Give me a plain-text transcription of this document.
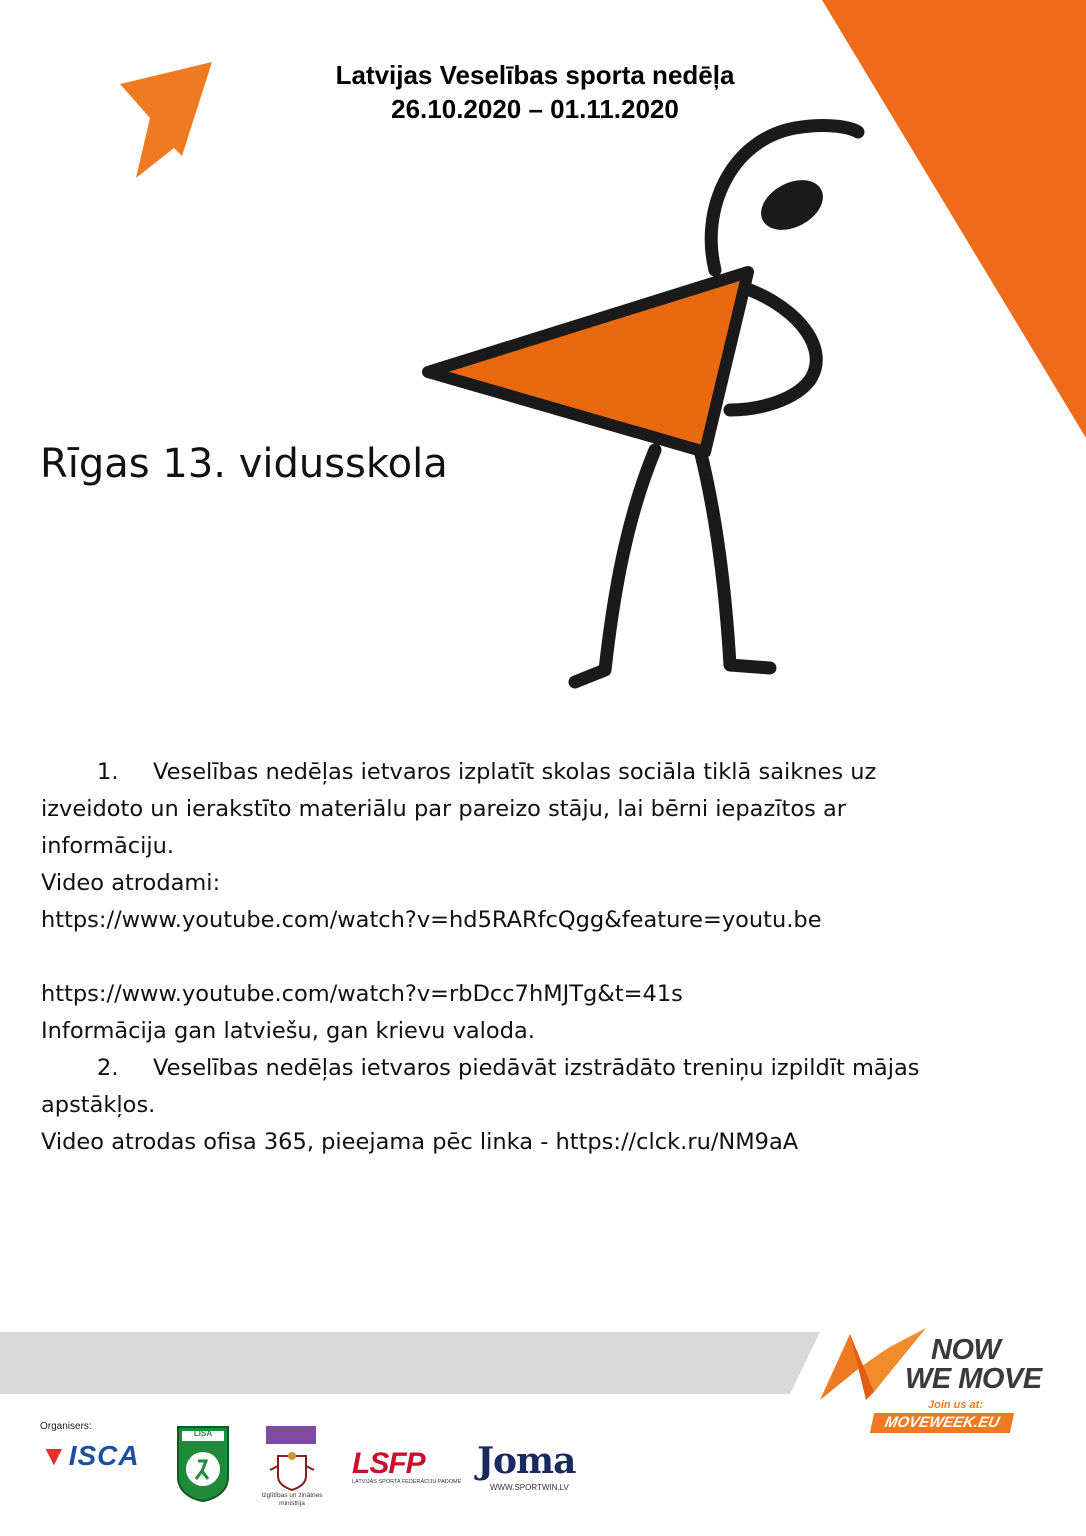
Latvijas Veselības sporta nedēļa
26.10.2020 – 01.11.2020
Rīgas 13. vidusskola
1. Veselības nedēļas ietvaros izplatīt skolas sociāla tiklā saiknes uz
izveidoto un ierakstīto materiālu par pareizo stāju, lai bērni iepazītos ar
informāciju.
Video atrodami:
https://www.youtube.com/watch?v=hd5RARfcQgg&feature=youtu.be
https://www.youtube.com/watch?v=rbDcc7hMJTg&t=41s
Informācija gan latviešu, gan krievu valoda.
2. Veselības nedēļas ietvaros piedāvāt izstrādāto treniņu izpildīt mājas
apstākļos.
Video atrodas ofisa 365, pieejama pēc linka - https://clck.ru/NM9aA
NOW
WE MOVE
Join us at:
MOVEWEEK.EU
Organisers:
▼ISCA
LISA
Izglītības un zinātnes ministrija
LSFP
LATVIJAS SPORTA FEDERĀCIJU PADOME Joma
WWW.SPORTWIN.LV
